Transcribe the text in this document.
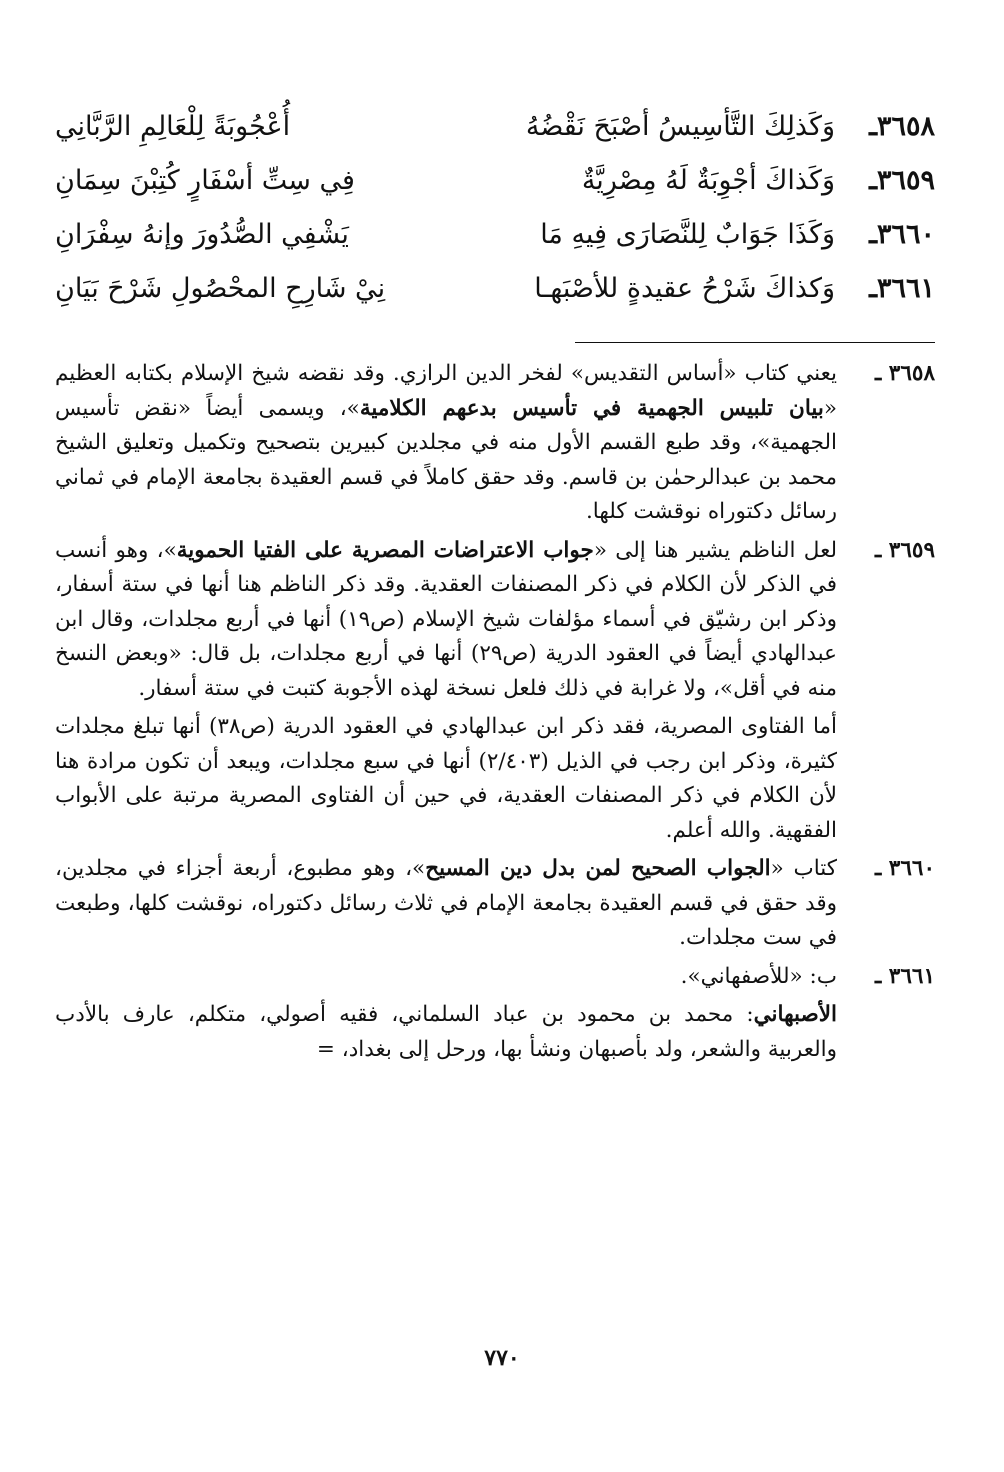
٣٦٥٨ـ
وَكَذلِكَ التَّأسِيسُ أصْبَحَ نَقْضُهُ
أُعْجُوبَةً لِلْعَالِمِ الرَّبَّانِي
٣٦٥٩ـ
وَكَذاكَ أجْوِبَةٌ لَهُ مِصْرِيَّةٌ
فِي سِتِّ أسْفَارٍ كُتِبْنَ سِمَانِ
٣٦٦٠ـ
وَكَذَا جَوَابٌ لِلنَّصَارَى فِيهِ مَا
يَشْفِي الصُّدُورَ وإنهُ سِفْرَانِ
٣٦٦١ـ
وَكذاكَ شَرْحُ عقيدةٍ للأصْبَهـا
نِيْ شَارِحِ المحْصُولِ شَرْحَ بَيَانِ
٣٦٥٨ ـ

يعني كتاب «أساس التقديس» لفخر الدين الرازي. وقد نقضه شيخ الإسلام بكتابه العظيم «بيان تلبيس الجهمية في تأسيس بدعهم الكلامية»، ويسمى أيضاً «نقض تأسيس الجهمية»، وقد طبع القسم الأول منه في مجلدين كبيرين بتصحيح وتكميل وتعليق الشيخ محمد بن عبدالرحمٰن بن قاسم. وقد حقق كاملاً في قسم العقيدة بجامعة الإمام في ثماني رسائل دكتوراه نوقشت كلها.

٣٦٥٩ ـ

لعل الناظم يشير هنا إلى «جواب الاعتراضات المصرية على الفتيا الحموية»، وهو أنسب في الذكر لأن الكلام في ذكر المصنفات العقدية. وقد ذكر الناظم هنا أنها في ستة أسفار، وذكر ابن رشيّق في أسماء مؤلفات شيخ الإسلام (ص١٩) أنها في أربع مجلدات، وقال ابن عبدالهادي أيضاً في العقود الدرية (ص٢٩) أنها في أربع مجلدات، بل قال: «وبعض النسخ منه في أقل»، ولا غرابة في ذلك فلعل نسخة لهذه الأجوبة كتبت في ستة أسفار.

أما الفتاوى المصرية، فقد ذكر ابن عبدالهادي في العقود الدرية (ص٣٨) أنها تبلغ مجلدات كثيرة، وذكر ابن رجب في الذيل (٢/٤٠٣) أنها في سبع مجلدات، ويبعد أن تكون مرادة هنا لأن الكلام في ذكر المصنفات العقدية، في حين أن الفتاوى المصرية مرتبة على الأبواب الفقهية. والله أعلم.

٣٦٦٠ ـ

كتاب «الجواب الصحيح لمن بدل دين المسيح»، وهو مطبوع، أربعة أجزاء في مجلدين، وقد حقق في قسم العقيدة بجامعة الإمام في ثلاث رسائل دكتوراه، نوقشت كلها، وطبعت في ست مجلدات.

٣٦٦١ ـ

ب: «للأصفهاني».

الأصبهاني: محمد بن محمود بن عباد السلماني، فقيه أصولي، متكلم، عارف بالأدب والعربية والشعر، ولد بأصبهان ونشأ بها، ورحل إلى بغداد، =

٧٧٠
